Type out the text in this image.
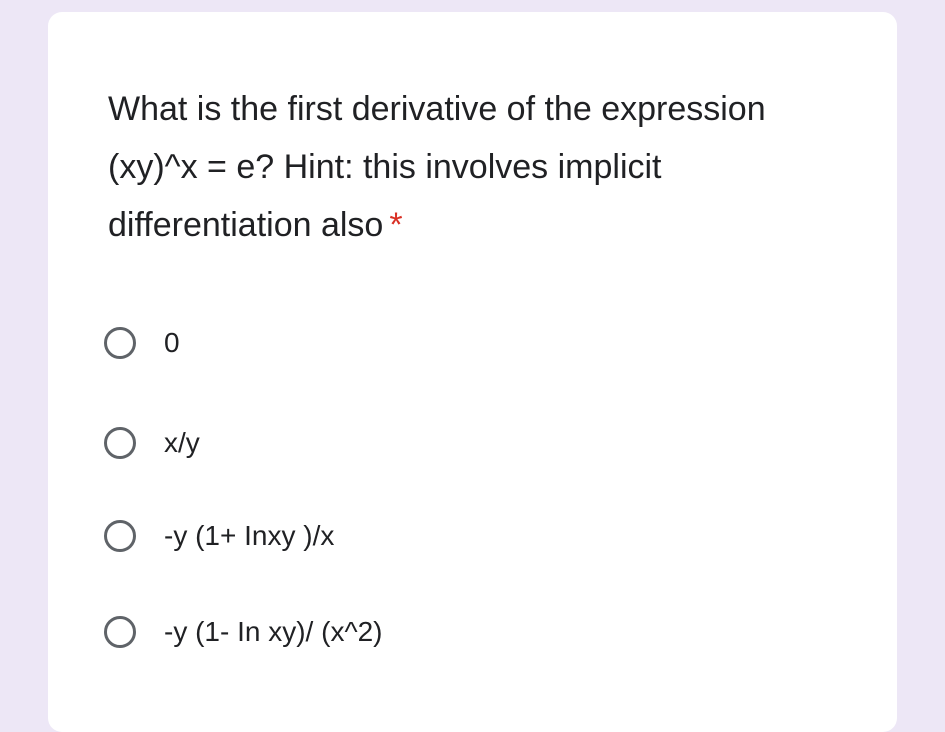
What is the first derivative of the expression (xy)^x = e? Hint: this involves implicit differentiation also *
0
x/y
-y (1+ Inxy )/x
-y (1- In xy)/ (x^2)
